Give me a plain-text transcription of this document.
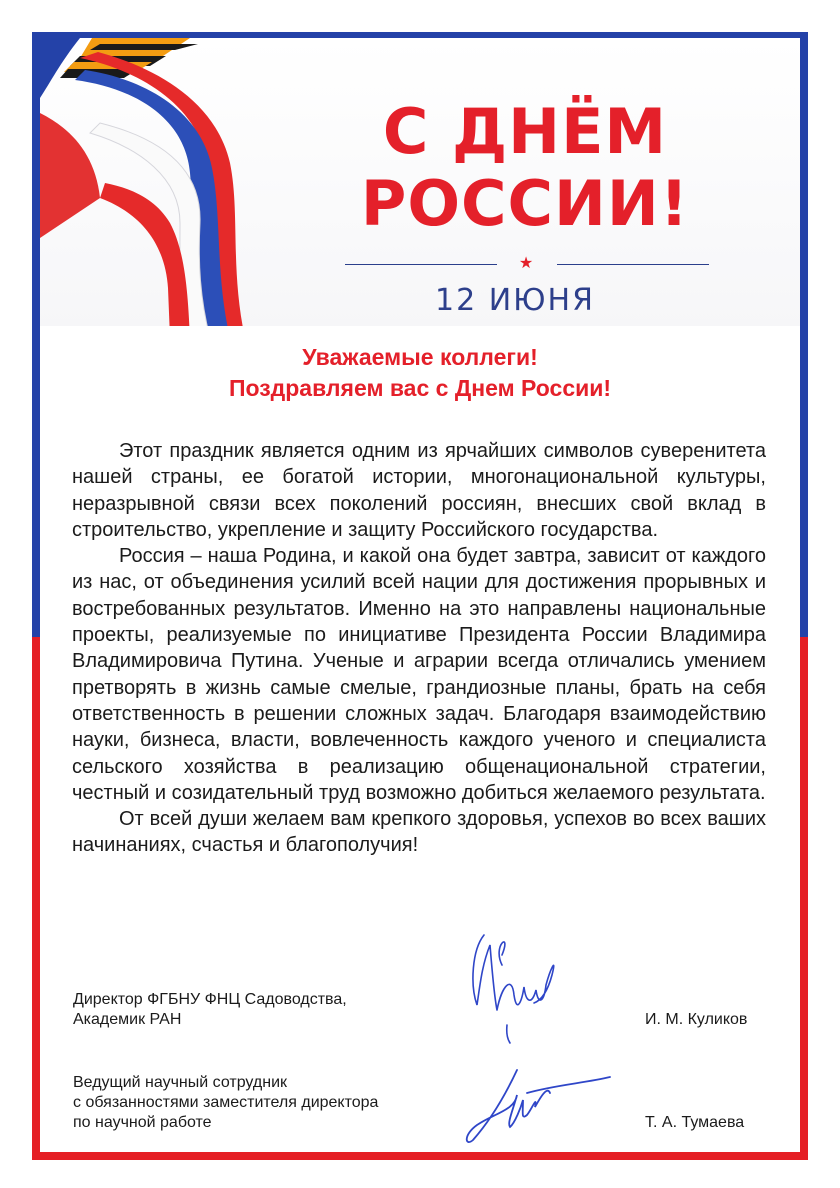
С ДНЁМ
РОССИИ!
★
12 ИЮНЯ
Уважаемые коллеги!
Поздравляем вас с Днем России!

Этот праздник является одним из ярчайших символов суверенитета нашей страны, ее богатой истории, многонациональной культуры, неразрывной связи всех поколений россиян, внесших свой вклад в строительство, укрепление и защиту Российского государства.

Россия – наша Родина, и какой она будет завтра, зависит от каждого из нас, от объединения усилий всей нации для достижения прорывных и востребованных результатов. Именно на это направлены национальные проекты, реализуемые по инициативе Президента России Владимира Владимировича Путина. Ученые и аграрии всегда отличались умением претворять в жизнь самые смелые, грандиозные планы, брать на себя ответственность в решении сложных задач. Благодаря взаимодействию науки, бизнеса, власти, вовлеченность каждого ученого и специалиста сельского хозяйства в реализацию общенациональной стратегии, честный и созидательный труд возможно добиться желаемого результата.

От всей души желаем вам крепкого здоровья, успехов во всех ваших начинаниях, счастья и благополучия!

Директор ФГБНУ ФНЦ Садоводства,
Академик РАН	И. М. Куликов
Ведущий научный сотрудник
с обязанностями заместителя директора
по научной работе	Т. А. Тумаева
